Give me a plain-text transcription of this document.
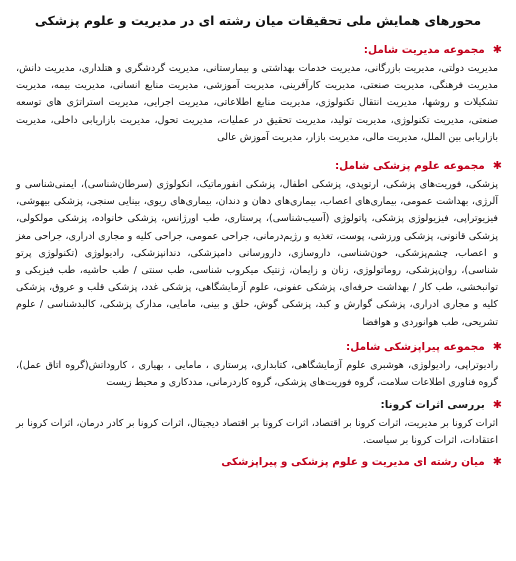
محورهای همایش ملی تحقیقات میان رشته ای در مدیریت و علوم پزشکی
✱
مجموعه مدیریت شامل:
مدیریت دولتی، مدیریت بازرگانی، مدیریت خدمات بهداشتی و بیمارستانی، مدیریت گردشگری و هتلداری، مدیریت دانش، مدیریت فرهنگی، مدیریت صنعتی، مدیریت کارآفرینی، مدیریت آموزشی، مدیریت منابع انسانی، مدیریت بیمه، مدیریت تشکیلات و روشها، مدیریت انتقال تکنولوژی، مدیریت منابع اطلاعاتی، مدیریت اجرایی، مدیریت استراتژی های توسعه صنعتی، مدیریت تکنولوژی، مدیریت تولید، مدیریت تحقیق در عملیات، مدیریت تحول، مدیریت بازاریابی داخلی، مدیریت بازاریابی بین الملل، مدیریت مالی، مدیریت بازار، مدیریت آموزش عالی
✱
مجموعه علوم پزشکی شامل:
پزشکی، فوریت‌های پزشکی، ارتوپدی، پزشکی اطفال، پزشکی انفورماتیک، انکولوژی (سرطان‌شناسی)، ایمنی‌شناسی و آلرژی، بهداشت عمومی، بیماری‌های اعصاب، بیماری‌های دهان و دندان، بیماری‌های ریوی، بینایی سنجی، پزشکی بیهوشی، فیزیوتراپی، فیزیولوژی پزشکی، پاتولوژی (آسیب‌شناسی)، پرستاری، طب اورژانس، پزشکی خانواده، پزشکی مولکولی، پزشکی قانونی، پزشکی ورزشی، پوست، تغذیه و رژیم‌درمانی، جراحی عمومی، جراحی کلیه و مجاری ادراری، جراحی مغز و اعصاب، چشم‌پزشکی، خون‌شناسی، داروسازی، دارورسانی دامپزشکی، دندانپزشکی، رادیولوژی (تکنولوژی پرتو شناسی)، روان‌پزشکی، روماتولوژی، زنان و زایمان، ژنتیک میکروب شناسی، طب سنتی / طب حاشیه، طب فیزیکی و توانبخشی، طب کار / بهداشت حرفه‌ای، پزشکی عفونی، علوم آزمایشگاهی، پزشکی غدد، پزشکی قلب و عروق، پزشکی کلیه و مجاری ادراری، پزشکی گوارش و کبد، پزشکی گوش، حلق و بینی، مامایی، مدارک پزشکی، کالبدشناسی / علوم تشریحی، طب هوانوردی و هوافضا
✱
مجموعه پیراپزشکی شامل:
رادیوتراپی، رادیولوژی، هوشبری علوم آزمایشگاهی، کتابداری، پرستاری ، مامایی ، بهیاری ، کاروداتش(گروه اتاق عمل)، گروه فناوری اطلاعات سلامت، گروه فوریت‌های پزشکی، گروه کاردرمانی، مددکاری و محیط زیست
✱
بررسی اثرات کرونا:
اثرات کرونا بر مدیریت، اثرات کرونا بر اقتصاد، اثرات کرونا بر اقتصاد دیجیتال، اثرات کرونا بر کادر درمان، اثرات کرونا بر اعتقادات، اثرات کرونا بر سیاست.
✱
میان رشته ای مدیریت و علوم پزشکی و پیراپزشکی
